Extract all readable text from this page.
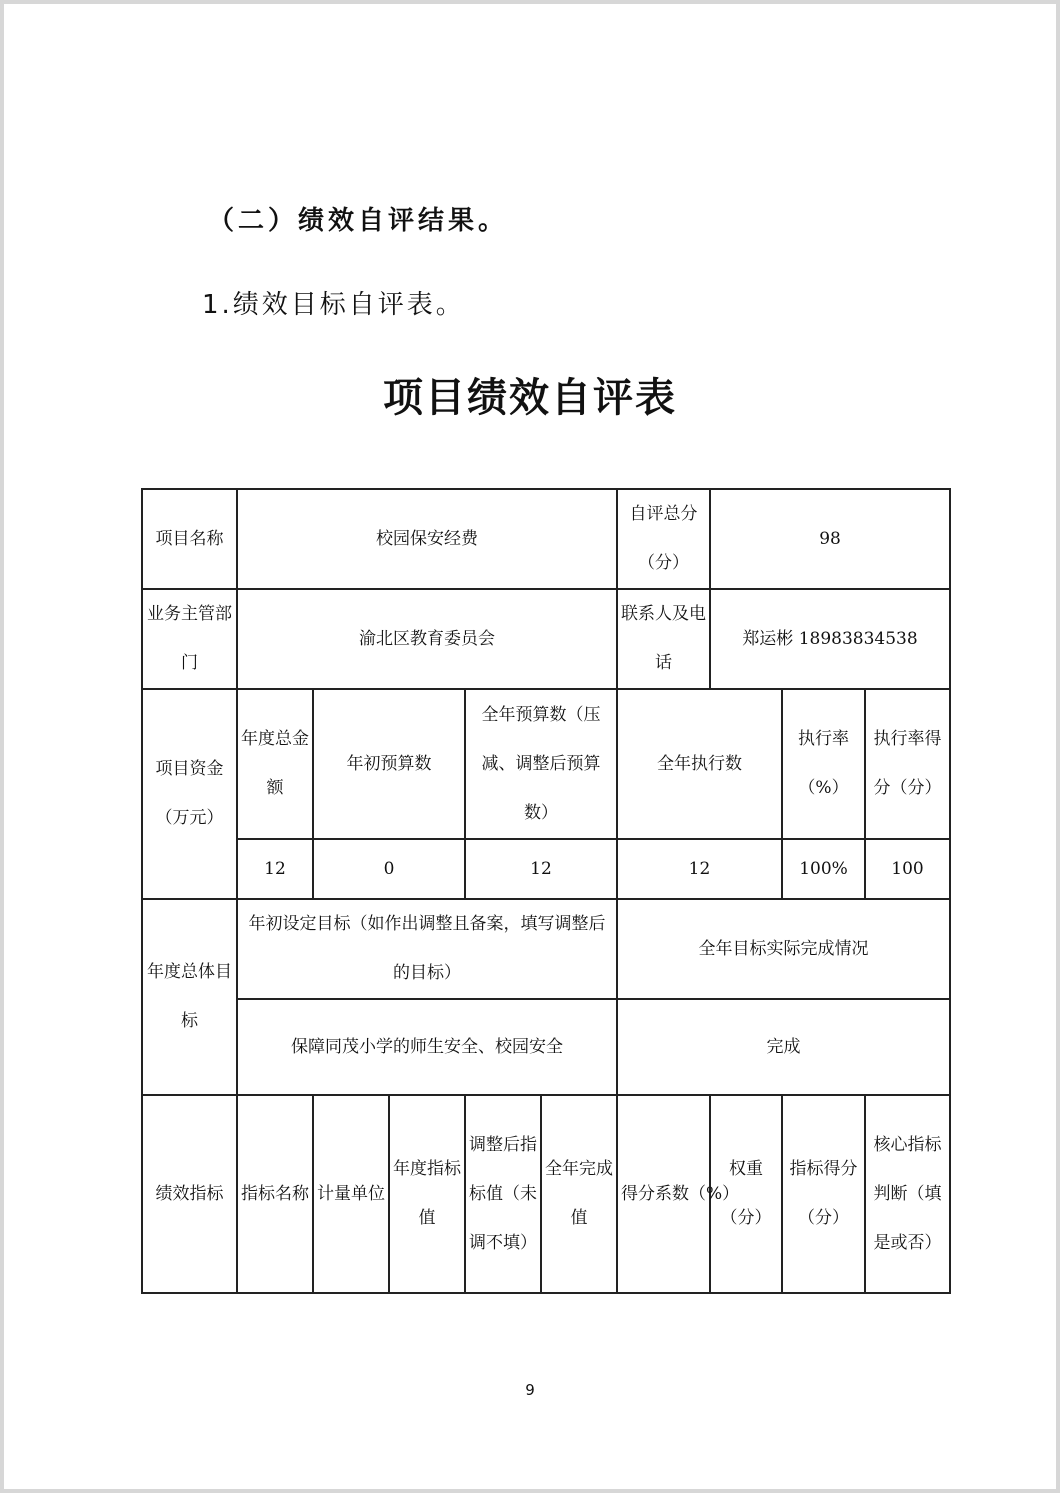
（二）绩效自评结果。
1.绩效目标自评表。
项目绩效自评表
项目名称	校园保安经费					自评总分（分）	98		
业务主管部门	渝北区教育委员会					联系人及电话	郑运彬 18983834538		
项目资金（万元）	年度总金额	年初预算数		全年预算数（压减、调整后预算数）		全年执行数		执行率（%）	执行率得分（分）
	12	0		12		12		100%	100
年度总体目标	年初设定目标（如作出调整且备案，填写调整后的目标）					全年目标实际完成情况			
	保障同茂小学的师生安全、校园安全					完成			
绩效指标	指标名称	计量单位	年度指标值	调整后指标值（未调不填）	全年完成值	得分系数（%）	权重（分）	指标得分（分）	核心指标判断（填是或否）
9
